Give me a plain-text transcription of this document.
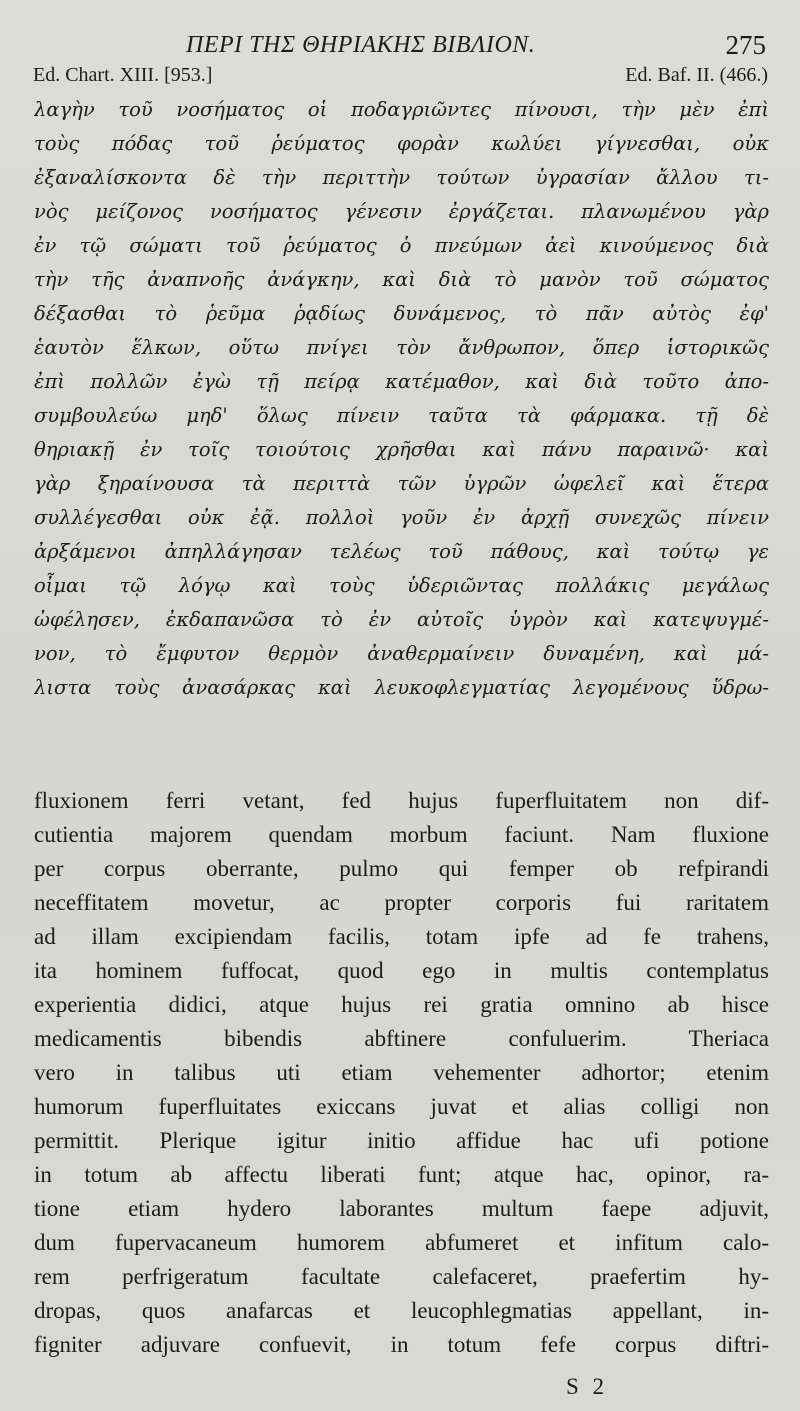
ΠΕΡΙ ΤΗΣ ΘΗΡΙΑΚΗΣ ΒΙΒΛΙΟΝ.	275
Ed. Chart. XIII. [953.]	Ed. Baf. II. (466.)
λαγὴν τοῦ νοσήματος οἱ ποδαγριῶντες πίνουσι, τὴν μὲν ἐπὶ
τοὺς πόδας τοῦ ῥεύματος φορὰν κωλύει γίγνεσθαι, οὐκ
ἐξαναλίσκοντα δὲ τὴν περιττὴν τούτων ὑγρασίαν ἄλλου τι-
νὸς μείζονος νοσήματος γένεσιν ἐργάζεται. πλανωμένου γὰρ
ἐν τῷ σώματι τοῦ ῥεύματος ὁ πνεύμων ἀεὶ κινούμενος διὰ
τὴν τῆς ἀναπνοῆς ἀνάγκην, καὶ διὰ τὸ μανὸν τοῦ σώματος
δέξασθαι τὸ ῥεῦμα ῥᾳδίως δυνάμενος, τὸ πᾶν αὐτὸς ἐφ'
ἑαυτὸν ἕλκων, οὕτω πνίγει τὸν ἄνθρωπον, ὅπερ ἱστορικῶς
ἐπὶ πολλῶν ἐγὼ τῇ πείρᾳ κατέμαθον, καὶ διὰ τοῦτο ἀπο-
συμβουλεύω μηδ' ὅλως πίνειν ταῦτα τὰ φάρμακα. τῇ δὲ
θηριακῇ ἐν τοῖς τοιούτοις χρῆσθαι καὶ πάνυ παραινῶ· καὶ
γὰρ ξηραίνουσα τὰ περιττὰ τῶν ὑγρῶν ὠφελεῖ καὶ ἕτερα
συλλέγεσθαι οὐκ ἐᾷ. πολλοὶ γοῦν ἐν ἀρχῇ συνεχῶς πίνειν
ἀρξάμενοι ἀπηλλάγησαν τελέως τοῦ πάθους, καὶ τούτῳ γε
οἶμαι τῷ λόγῳ καὶ τοὺς ὑδεριῶντας πολλάκις μεγάλως
ὠφέλησεν, ἐκδαπανῶσα τὸ ἐν αὐτοῖς ὑγρὸν καὶ κατεψυγμέ-
νον, τὸ ἔμφυτον θερμὸν ἀναθερμαίνειν δυναμένη, καὶ μά-
λιστα τοὺς ἀνασάρκας καὶ λευκοφλεγματίας λεγομένους ὕδρω-
fluxionem ferri vetant, fed hujus fuperfluitatem non dif-
cutientia majorem quendam morbum faciunt. Nam fluxione
per corpus oberrante, pulmo qui femper ob refpirandi
neceffitatem movetur, ac propter corporis fui raritatem
ad illam excipiendam facilis, totam ipfe ad fe trahens,
ita hominem fuffocat, quod ego in multis contemplatus
experientia didici, atque hujus rei gratia omnino ab hisce
medicamentis bibendis abftinere confuluerim. Theriaca
vero in talibus uti etiam vehementer adhortor; etenim
humorum fuperfluitates exiccans juvat et alias colligi non
permittit. Plerique igitur initio affidue hac ufi potione
in totum ab affectu liberati funt; atque hac, opinor, ra-
tione etiam hydero laborantes multum faepe adjuvit,
dum fupervacaneum humorem abfumeret et infitum calo-
rem perfrigeratum facultate calefaceret, praefertim hy-
dropas, quos anafarcas et leucophlegmatias appellant, in-
figniter adjuvare confuevit, in totum fefe corpus diftri-
S 2
